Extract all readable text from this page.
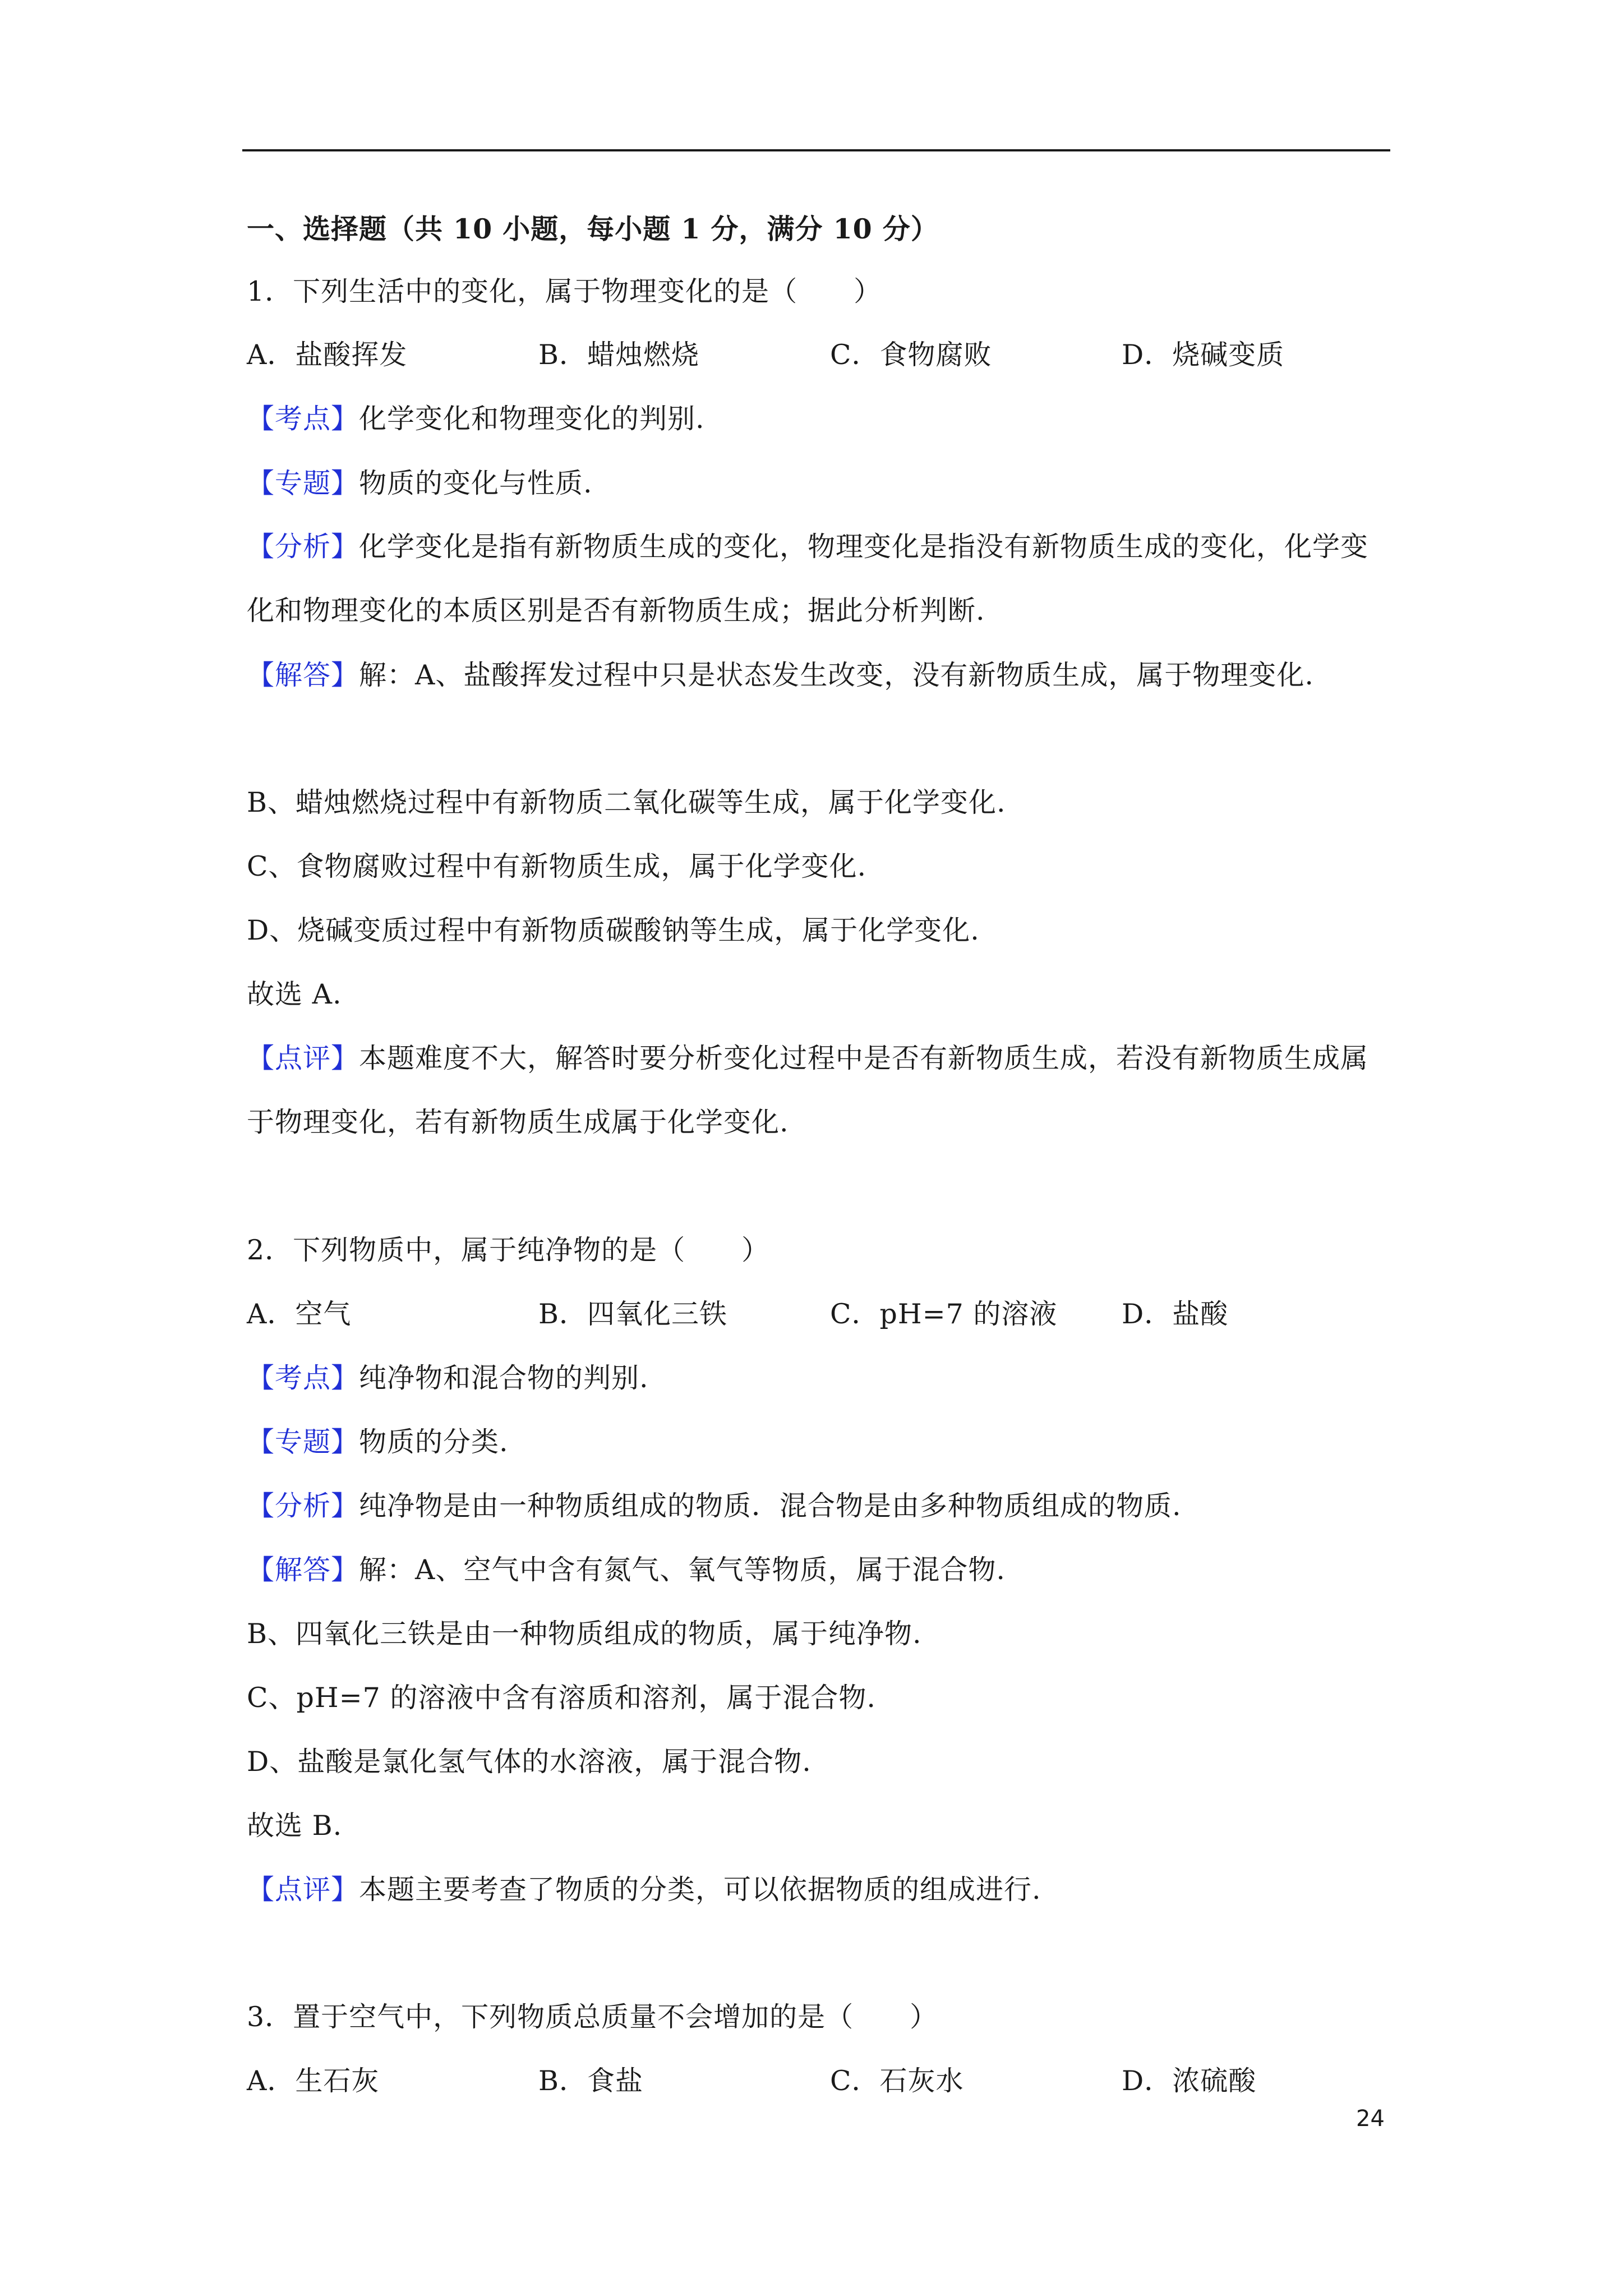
一、选择题（共 10 小题，每小题 1 分，满分 10 分）
1．下列生活中的变化，属于物理变化的是（　　）
A．盐酸挥发	B．蜡烛燃烧	C．食物腐败	D．烧碱变质
【考点】化学变化和物理变化的判别.
【专题】物质的变化与性质.
【分析】化学变化是指有新物质生成的变化，物理变化是指没有新物质生成的变化，化学变
化和物理变化的本质区别是否有新物质生成；据此分析判断.
【解答】解：A、盐酸挥发过程中只是状态发生改变，没有新物质生成，属于物理变化.
B、蜡烛燃烧过程中有新物质二氧化碳等生成，属于化学变化.
C、食物腐败过程中有新物质生成，属于化学变化.
D、烧碱变质过程中有新物质碳酸钠等生成，属于化学变化.
故选 A.
【点评】本题难度不大，解答时要分析变化过程中是否有新物质生成，若没有新物质生成属
于物理变化，若有新物质生成属于化学变化.
2．下列物质中，属于纯净物的是（　　）
A．空气	B．四氧化三铁	C．pH=7 的溶液 D．盐酸
【考点】纯净物和混合物的判别.
【专题】物质的分类.
【分析】纯净物是由一种物质组成的物质．混合物是由多种物质组成的物质.
【解答】解：A、空气中含有氮气、氧气等物质，属于混合物.
B、四氧化三铁是由一种物质组成的物质，属于纯净物.
C、pH=7 的溶液中含有溶质和溶剂，属于混合物.
D、盐酸是氯化氢气体的水溶液，属于混合物.
故选 B.
【点评】本题主要考查了物质的分类，可以依据物质的组成进行.
3．置于空气中，下列物质总质量不会增加的是（　　）
A．生石灰	B．食盐	C．石灰水	D．浓硫酸
24
